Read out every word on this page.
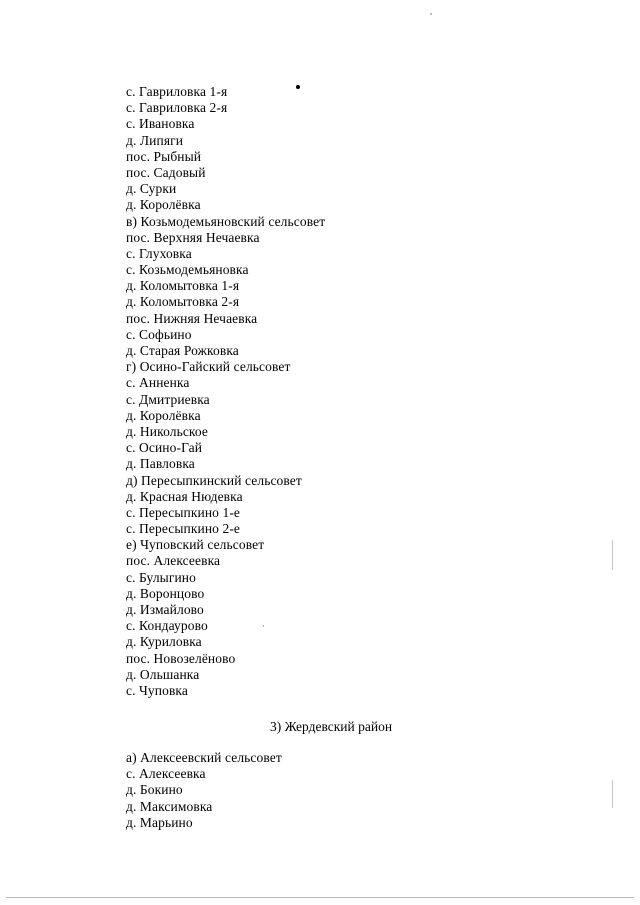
с. Гавриловка 1-я
с. Гавриловка 2-я
с. Ивановка
д. Липяги
пос. Рыбный
пос. Садовый
д. Сурки
д. Королёвка
в) Козьмодемьяновский сельсовет
пос. Верхняя Нечаевка
с. Глуховка
с. Козьмодемьяновка
д. Коломытовка 1-я
д. Коломытовка 2-я
пос. Нижняя Нечаевка
с. Софьино
д. Старая Рожковка
г) Осино-Гайский сельсовет
с. Анненка
с. Дмитриевка
д. Королёвка
д. Никольское
с. Осино-Гай
д. Павловка
д) Пересыпкинский сельсовет
д. Красная Нюдевка
с. Пересыпкино 1-е
с. Пересыпкино 2-е
е) Чуповский сельсовет
пос. Алексеевка
с. Булыгино
д. Воронцово
д. Измайлово
с. Кондаурово
д. Куриловка
пос. Новозелёново
д. Ольшанка
с. Чуповка
3) Жердевский район
а) Алексеевский сельсовет
с. Алексеевка
д. Бокино
д. Максимовка
д. Марьино
